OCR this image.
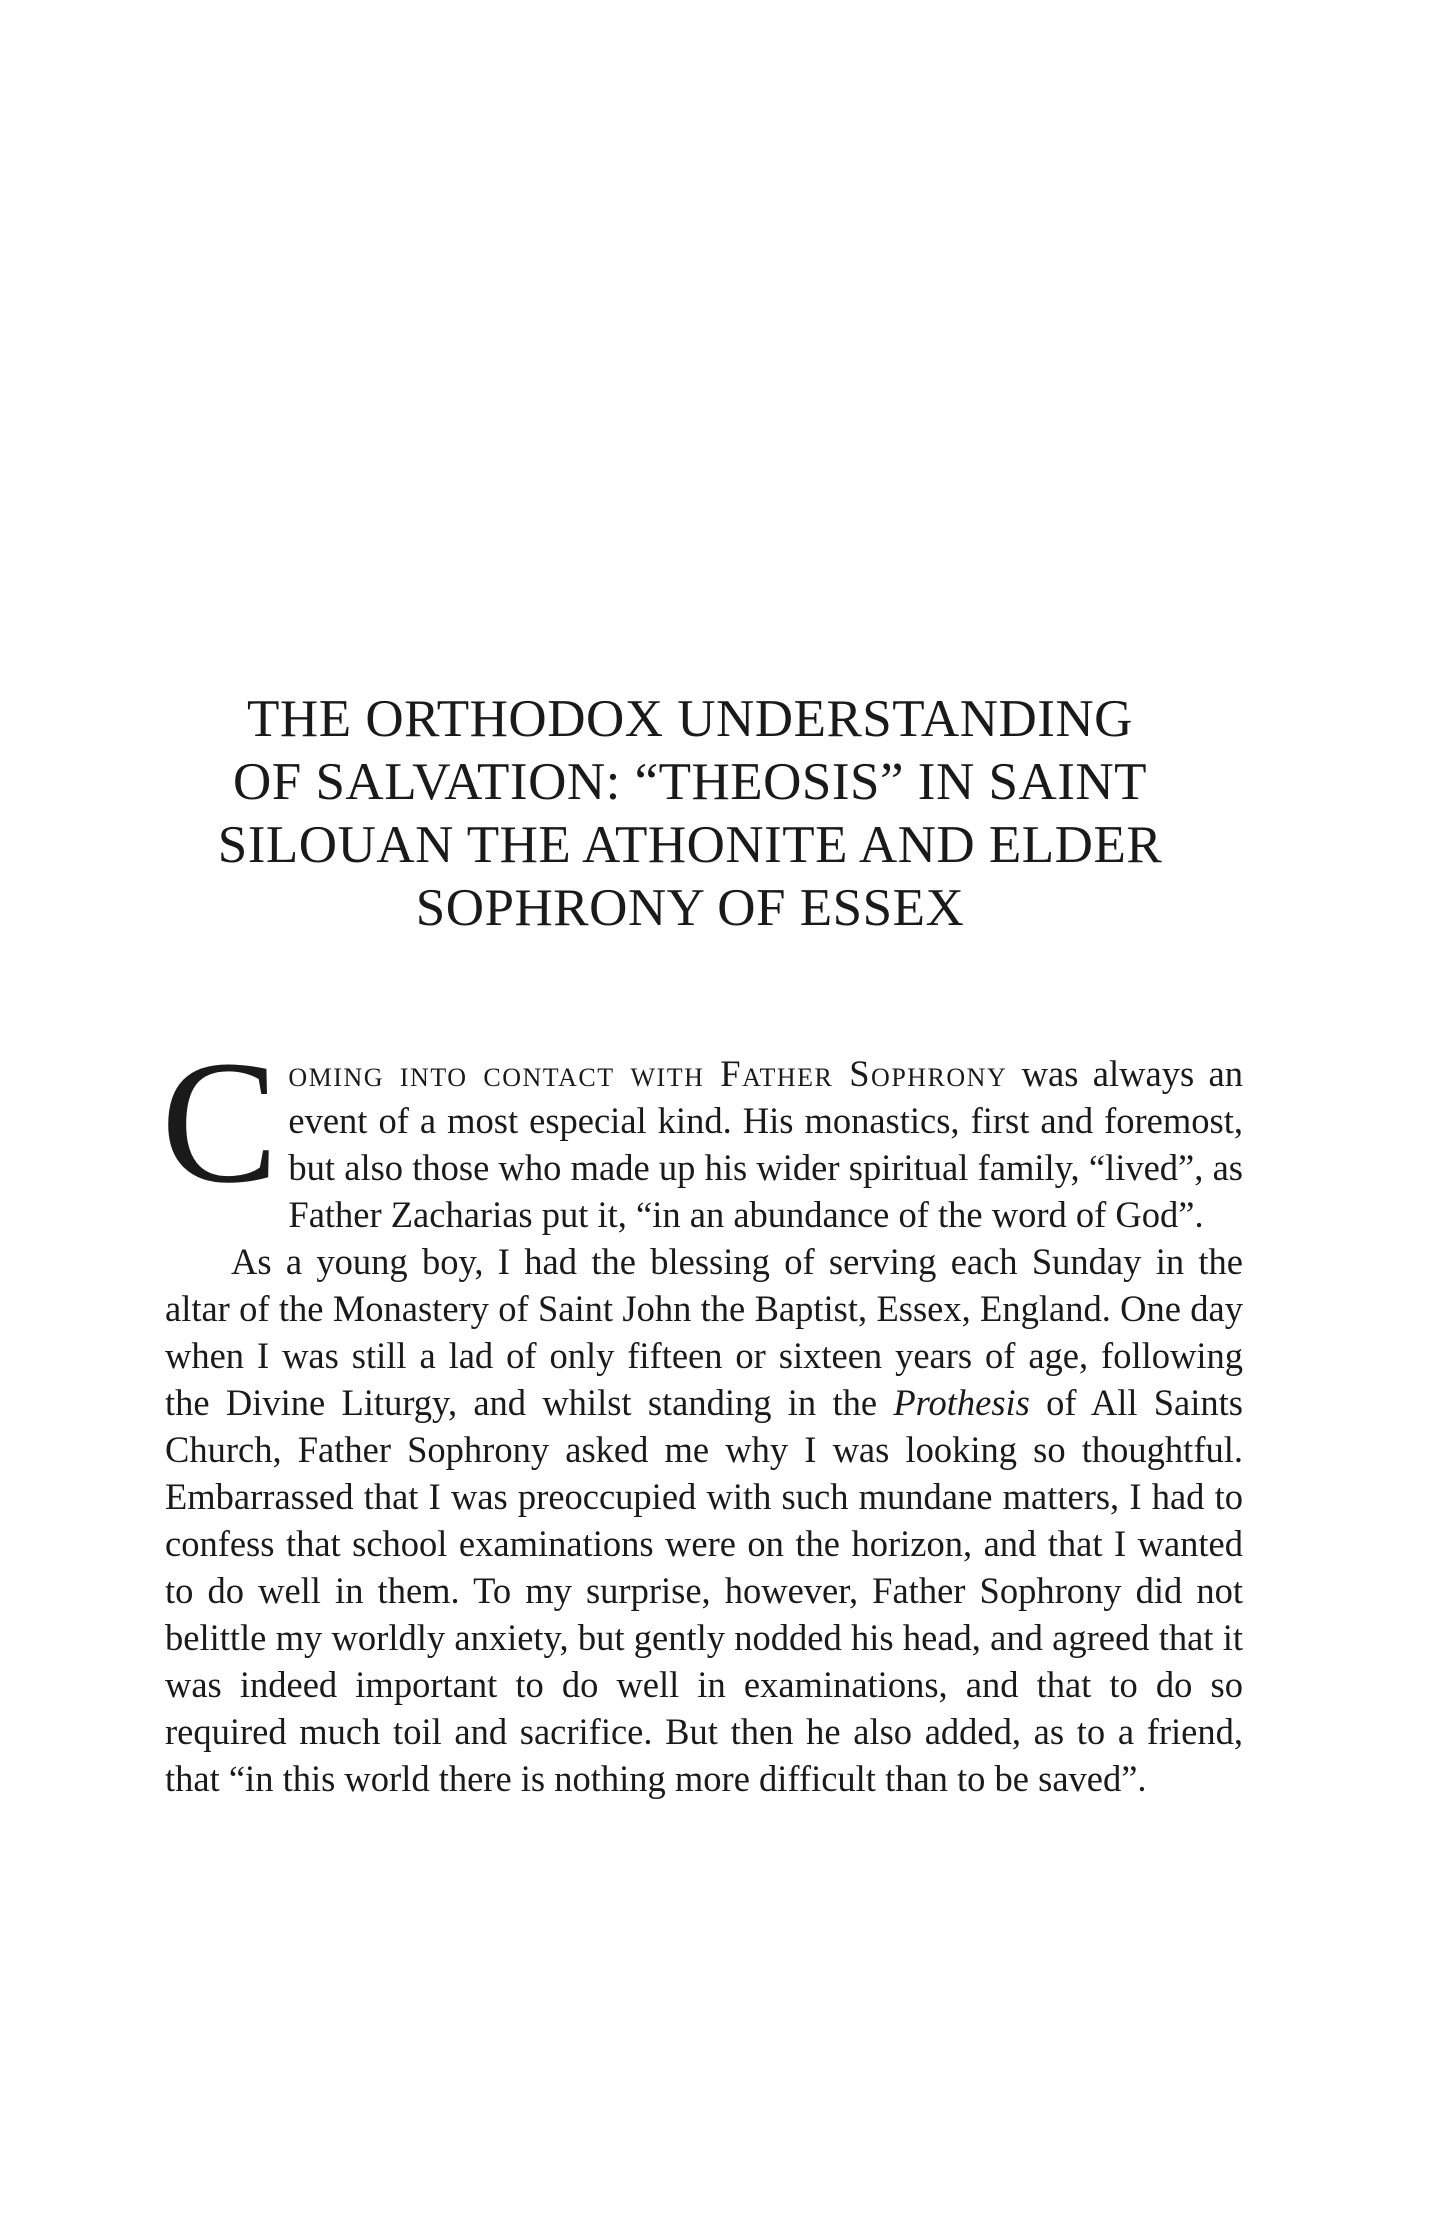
THE ORTHODOX UNDERSTANDING
OF SALVATION: “THEOSIS” IN SAINT
SILOUAN THE ATHONITE AND ELDER
SOPHRONY OF ESSEX

Coming into contact with Father Sophrony was always an event of a most especial kind. His monastics, first and foremost, but also those who made up his wider spiritual family, “lived”, as Father Zacharias put it, “in an abundance of the word of God”.

As a young boy, I had the blessing of serving each Sunday in the altar of the Monastery of Saint John the Baptist, Essex, England. One day when I was still a lad of only fifteen or sixteen years of age, following the Divine Liturgy, and whilst standing in the Prothesis of All Saints Church, Father Sophrony asked me why I was looking so thoughtful. Embarrassed that I was preoccupied with such mundane matters, I had to confess that school examinations were on the horizon, and that I wanted to do well in them. To my surprise, however, Father Sophrony did not belittle my worldly anxiety, but gently nodded his head, and agreed that it was indeed important to do well in examinations, and that to do so required much toil and sacrifice. But then he also added, as to a friend, that “in this world there is nothing more difficult than to be saved”.
